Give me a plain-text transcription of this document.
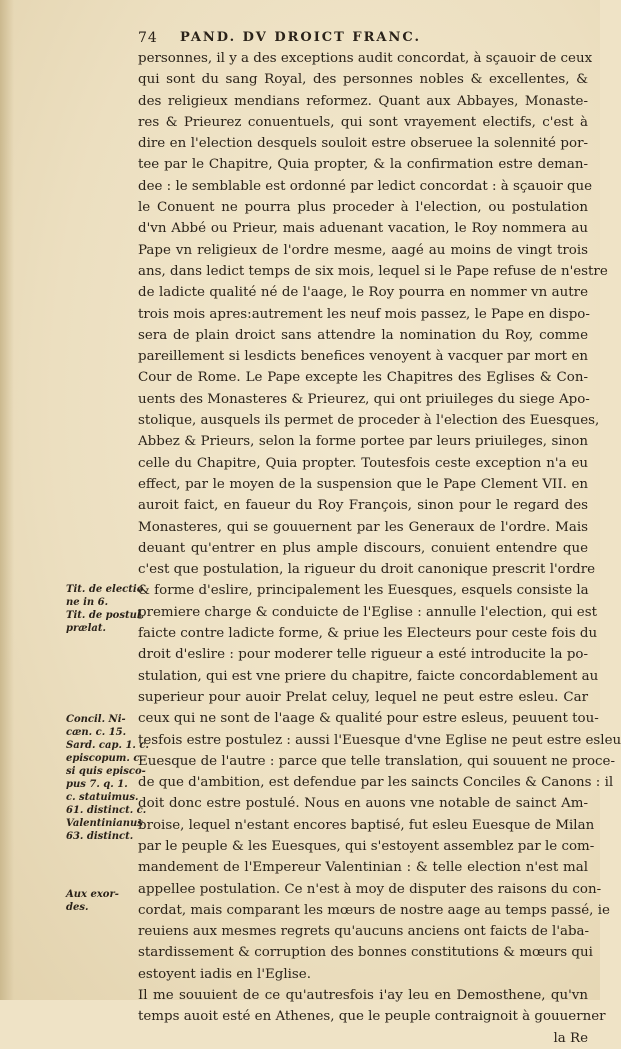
74 PAND. DV DROICT FRANC.
personnes, il y a des exceptions audit concordat, à sçauoir de ceux
qui sont du sang Royal, des personnes nobles & excellentes, &
des religieux mendians reformez. Quant aux Abbayes, Monaste-
res & Prieurez conuentuels, qui sont vrayement electifs, c'est à
dire en l'election desquels souloit estre obseruee la solennité por-
tee par le Chapitre, Quia propter, & la confirmation estre deman-
dee : le semblable est ordonné par ledict concordat : à sçauoir que
le Conuent ne pourra plus proceder à l'election, ou postulation
d'vn Abbé ou Prieur, mais aduenant vacation, le Roy nommera au
Pape vn religieux de l'ordre mesme, aagé au moins de vingt trois
ans, dans ledict temps de six mois, lequel si le Pape refuse de n'estre
de ladicte qualité né de l'aage, le Roy pourra en nommer vn autre
trois mois apres:autrement les neuf mois passez, le Pape en dispo-
sera de plain droict sans attendre la nomination du Roy, comme
pareillement si lesdicts benefices venoyent à vacquer par mort en
Cour de Rome. Le Pape excepte les Chapitres des Eglises & Con-
uents des Monasteres & Prieurez, qui ont priuileges du siege Apo-
stolique, ausquels ils permet de proceder à l'election des Euesques,
Abbez & Prieurs, selon la forme portee par leurs priuileges, sinon
celle du Chapitre, Quia propter. Toutesfois ceste exception n'a eu
effect, par le moyen de la suspension que le Pape Clement VII. en
auroit faict, en faueur du Roy François, sinon pour le regard des
Monasteres, qui se gouuernent par les Generaux de l'ordre. Mais
deuant qu'entrer en plus ample discours, conuient entendre que
c'est que postulation, la rigueur du droit canonique prescrit l'ordre
& forme d'eslire, principalement les Euesques, esquels consiste la
premiere charge & conduicte de l'Eglise : annulle l'election, qui est
faicte contre ladicte forme, & priue les Electeurs pour ceste fois du
droit d'eslire : pour moderer telle rigueur a esté introducite la po-
stulation, qui est vne priere du chapitre, faicte concordablement au
superieur pour auoir Prelat celuy, lequel ne peut estre esleu. Car
ceux qui ne sont de l'aage & qualité pour estre esleus, peuuent tou-
tesfois estre postulez : aussi l'Euesque d'vne Eglise ne peut estre esleu
Euesque de l'autre : parce que telle translation, qui souuent ne proce-
de que d'ambition, est defendue par les saincts Conciles & Canons : il
doit donc estre postulé. Nous en auons vne notable de sainct Am-
broise, lequel n'estant encores baptisé, fut esleu Euesque de Milan
par le peuple & les Euesques, qui s'estoyent assemblez par le com-
mandement de l'Empereur Valentinian : & telle election n'est mal
appellee postulation. Ce n'est à moy de disputer des raisons du con-
cordat, mais comparant les mœurs de nostre aage au temps passé, ie
reuiens aux mesmes regrets qu'aucuns anciens ont faicts de l'aba-
stardissement & corruption des bonnes constitutions & mœurs qui
estoyent iadis en l'Eglise.
Il me souuient de ce qu'autresfois i'ay leu en Demosthene, qu'vn
temps auoit esté en Athenes, que le peuple contraignoit à gouuerner
la Re
Tit. de electio
ne in 6.
Tit. de postul.
prælat.
Concil. Ni-
cæn. c. 15.
Sard. cap. 1. c.
episcopum. c.
si quis episco-
pus 7. q. 1.
c. statuimus.
61. distinct. c.
Valentinianus
63. distinct.
Aux exor-
des.
